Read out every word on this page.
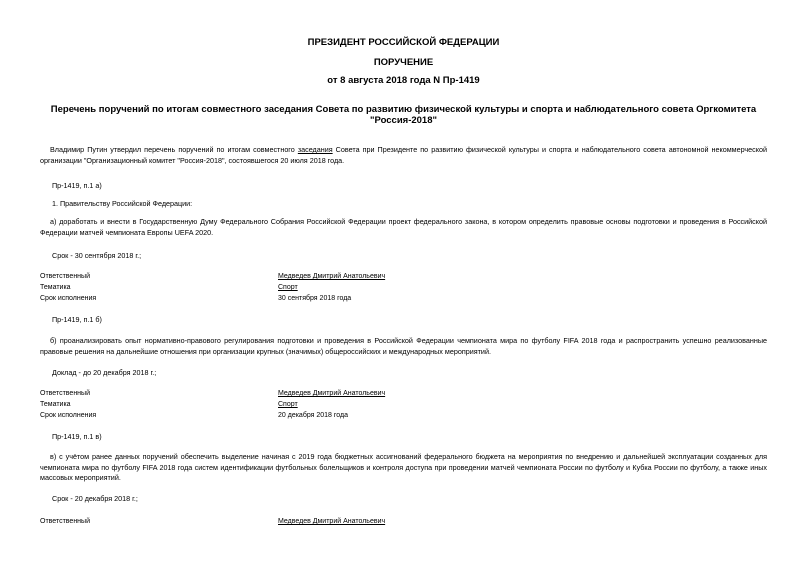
ПРЕЗИДЕНТ РОССИЙСКОЙ ФЕДЕРАЦИИ
ПОРУЧЕНИЕ
от 8 августа 2018 года N Пр-1419
Перечень поручений по итогам совместного заседания Совета по развитию физической культуры и спорта и наблюдательного совета Оргкомитета "Россия-2018"
Владимир Путин утвердил перечень поручений по итогам совместного заседания Совета при Президенте по развитию физической культуры и спорта и наблюдательного совета автономной некоммерческой организации "Организационный комитет "Россия-2018", состоявшегося 20 июля 2018 года.
Пр-1419, п.1 а)
1. Правительству Российской Федерации:
а) доработать и внести в Государственную Думу Федерального Собрания Российской Федерации проект федерального закона, в котором определить правовые основы подготовки и проведения в Российской Федерации матчей чемпионата Европы UEFA 2020.
Срок - 30 сентября 2018 г.;
Ответственный	Медведев Дмитрий Анатольевич
Тематика	Спорт
Срок исполнения	30 сентября 2018 года
Пр-1419, п.1 б)
б) проанализировать опыт нормативно-правового регулирования подготовки и проведения в Российской Федерации чемпионата мира по футболу FIFA 2018 года и распространить успешно реализованные правовые решения на дальнейшие отношения при организации крупных (значимых) общероссийских и международных мероприятий.
Доклад - до 20 декабря 2018 г.;
Ответственный	Медведев Дмитрий Анатольевич
Тематика	Спорт
Срок исполнения	20 декабря 2018 года
Пр-1419, п.1 в)
в) с учётом ранее данных поручений обеспечить выделение начиная с 2019 года бюджетных ассигнований федерального бюджета на мероприятия по внедрению и дальнейшей эксплуатации созданных для чемпионата мира по футболу FIFA 2018 года систем идентификации футбольных болельщиков и контроля доступа при проведении матчей чемпионата России по футболу и Кубка России по футболу, а также иных массовых мероприятий.
Срок - 20 декабря 2018 г.;
Ответственный	Медведев Дмитрий Анатольевич
